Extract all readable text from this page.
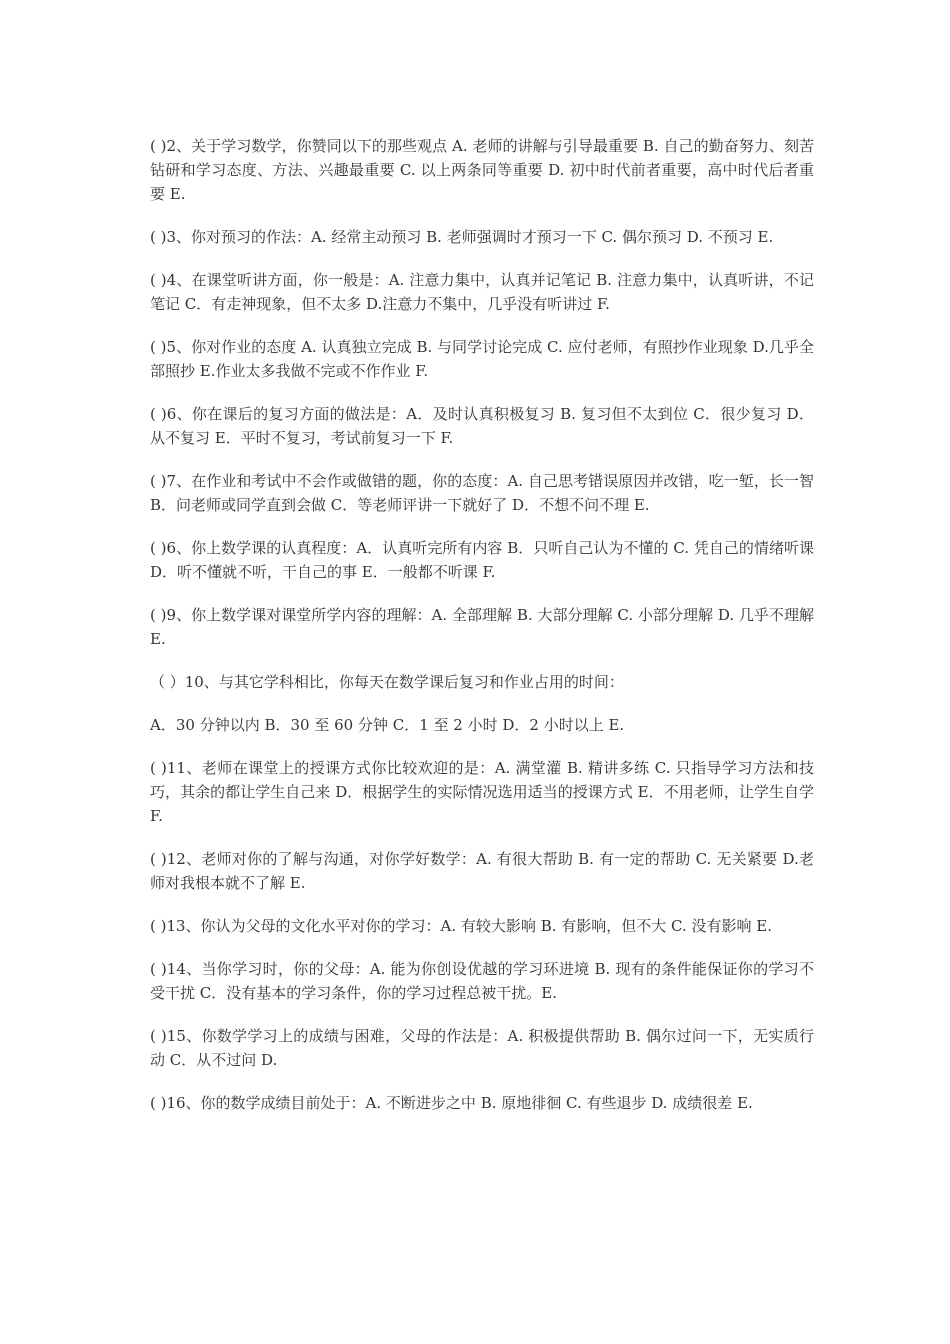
( )2、关于学习数学，你赞同以下的那些观点 A. 老师的讲解与引导最重要 B. 自己的勤奋努力、刻苦钻研和学习态度、方法、兴趣最重要 C. 以上两条同等重要 D. 初中时代前者重要，高中时代后者重要 E.

( )3、你对预习的作法：A. 经常主动预习 B. 老师强调时才预习一下 C. 偶尔预习 D. 不预习 E.

( )4、在课堂听讲方面，你一般是：A. 注意力集中，认真并记笔记 B. 注意力集中，认真听讲，不记笔记 C．有走神现象，但不太多 D.注意力不集中，几乎没有听讲过 F.

( )5、你对作业的态度 A. 认真独立完成 B. 与同学讨论完成 C. 应付老师，有照抄作业现象 D.几乎全部照抄 E.作业太多我做不完或不作作业 F.

( )6、你在课后的复习方面的做法是：A．及时认真积极复习 B. 复习但不太到位 C．很少复习 D．从不复习 E．平时不复习，考试前复习一下 F.

( )7、在作业和考试中不会作或做错的题，你的态度：A. 自己思考错误原因并改错，吃一堑，长一智 B．问老师或同学直到会做 C．等老师评讲一下就好了 D．不想不问不理 E.

( )6、你上数学课的认真程度：A．认真听完所有内容 B．只听自己认为不懂的 C. 凭自己的情绪听课 D．听不懂就不听，干自己的事 E．一般都不听课 F.

( )9、你上数学课对课堂所学内容的理解：A. 全部理解 B. 大部分理解 C. 小部分理解 D. 几乎不理解 E.

（ ）10、与其它学科相比，你每天在数学课后复习和作业占用的时间：

A．30 分钟以内 B．30 至 60 分钟 C．1 至 2 小时 D．2 小时以上 E.

( )11、老师在课堂上的授课方式你比较欢迎的是：A. 满堂灌 B. 精讲多练 C. 只指导学习方法和技巧，其余的都让学生自己来 D．根据学生的实际情况选用适当的授课方式 E．不用老师，让学生自学 F.

( )12、老师对你的了解与沟通，对你学好数学：A. 有很大帮助 B. 有一定的帮助 C. 无关紧要 D.老师对我根本就不了解 E.

( )13、你认为父母的文化水平对你的学习：A. 有较大影响 B. 有影响，但不大 C. 没有影响 E.

( )14、当你学习时，你的父母：A. 能为你创设优越的学习环进境 B. 现有的条件能保证你的学习不受干扰 C．没有基本的学习条件，你的学习过程总被干扰。E.

( )15、你数学学习上的成绩与困难，父母的作法是：A. 积极提供帮助 B. 偶尔过问一下，无实质行动 C．从不过问 D.

( )16、你的数学成绩目前处于：A. 不断进步之中 B. 原地徘徊 C. 有些退步 D. 成绩很差 E.
